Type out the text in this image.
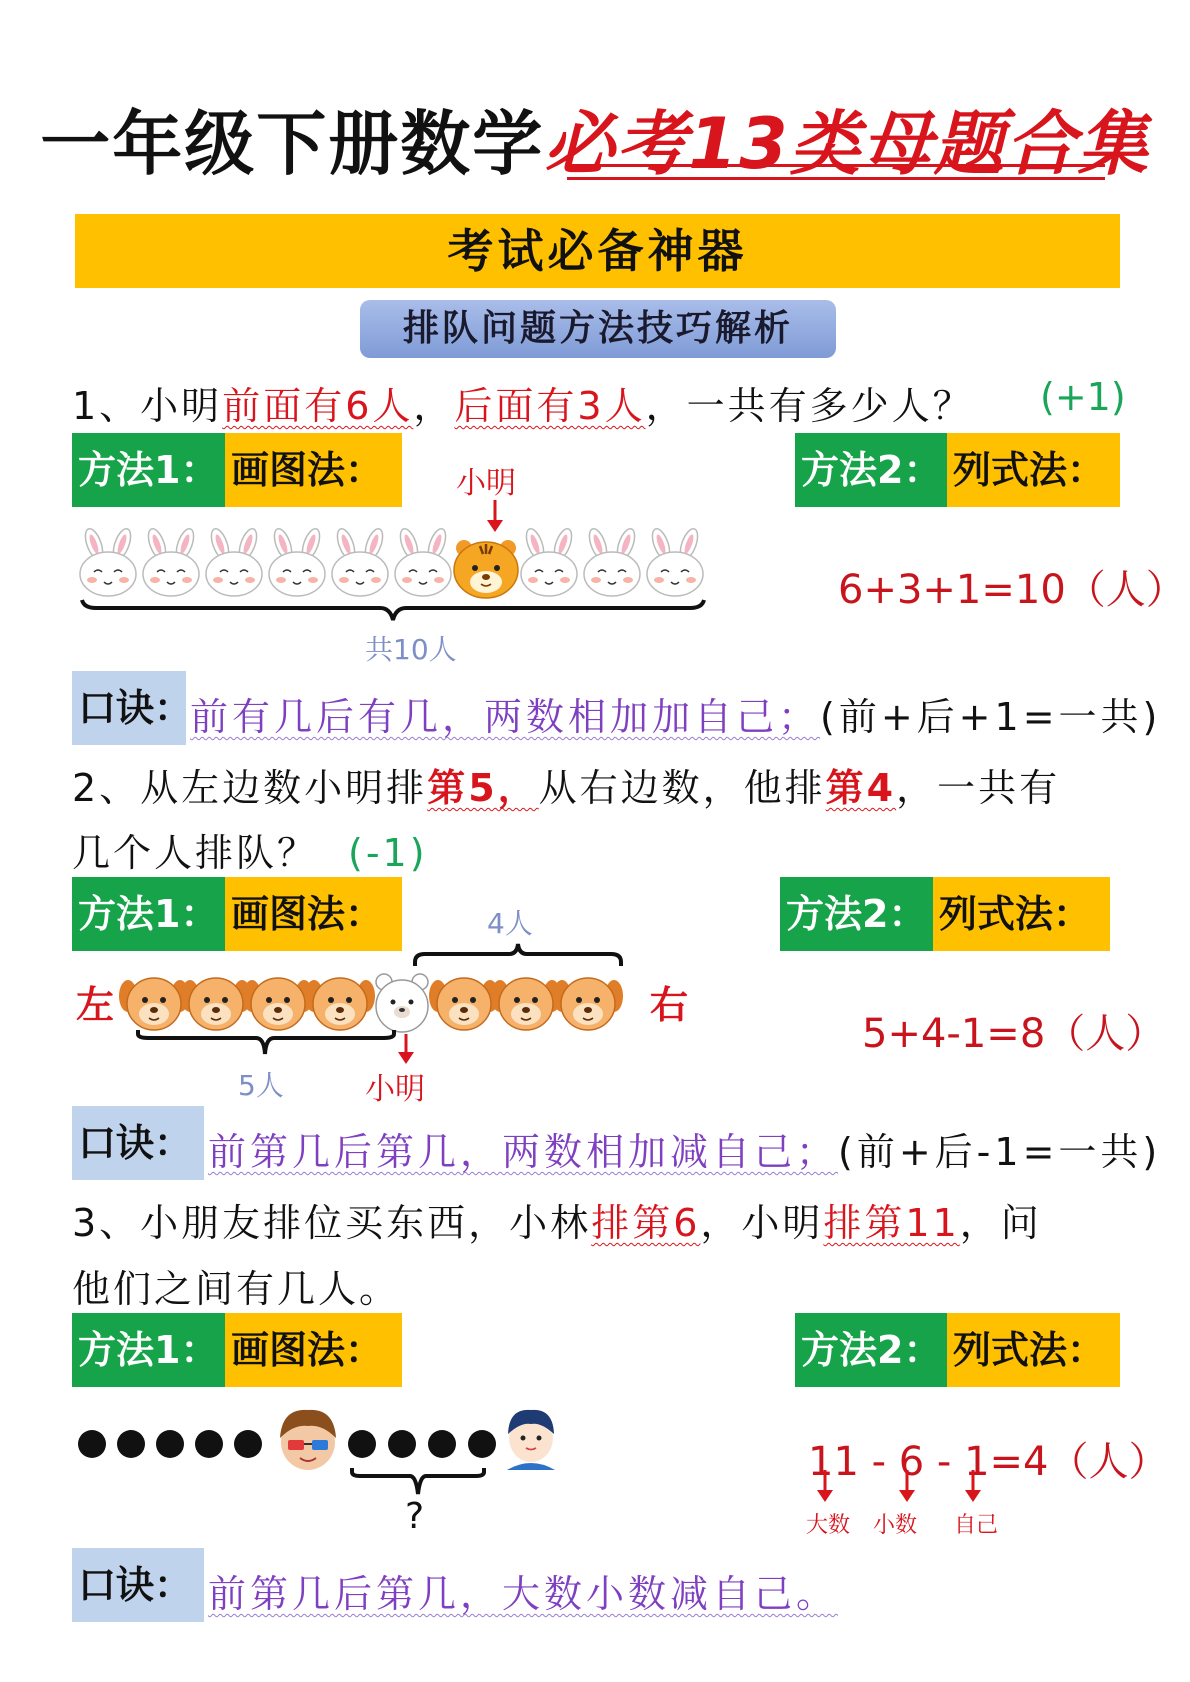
一年级下册数学必考13类母题合集
考试必备神器
排队问题方法技巧解析
1、小明前面有6人，后面有3人，一共有多少人？ (+1)
方法1： 画图法：	方法2： 列式法：
小明
共10人
6+3+1=10（人）
口诀：
前有几后有几，两数相加加自己；(前+后+1=一共)
2、从左边数小明排第5，从右边数，他排第4，一共有
几个人排队？ (-1)
方法1： 画图法：	方法2： 列式法：
4人
左	右
5人	小明
5+4-1=8（人）
口诀： 前第几后第几，两数相加减自己；(前+后-1=一共)
3、小朋友排位买东西，小林排第6，小明排第11，问
他们之间有几人。
方法1： 画图法：	方法2： 列式法：
?
11 - 6 - 1=4（人）
大数 小数 自己
口诀： 前第几后第几，大数小数减自己。
